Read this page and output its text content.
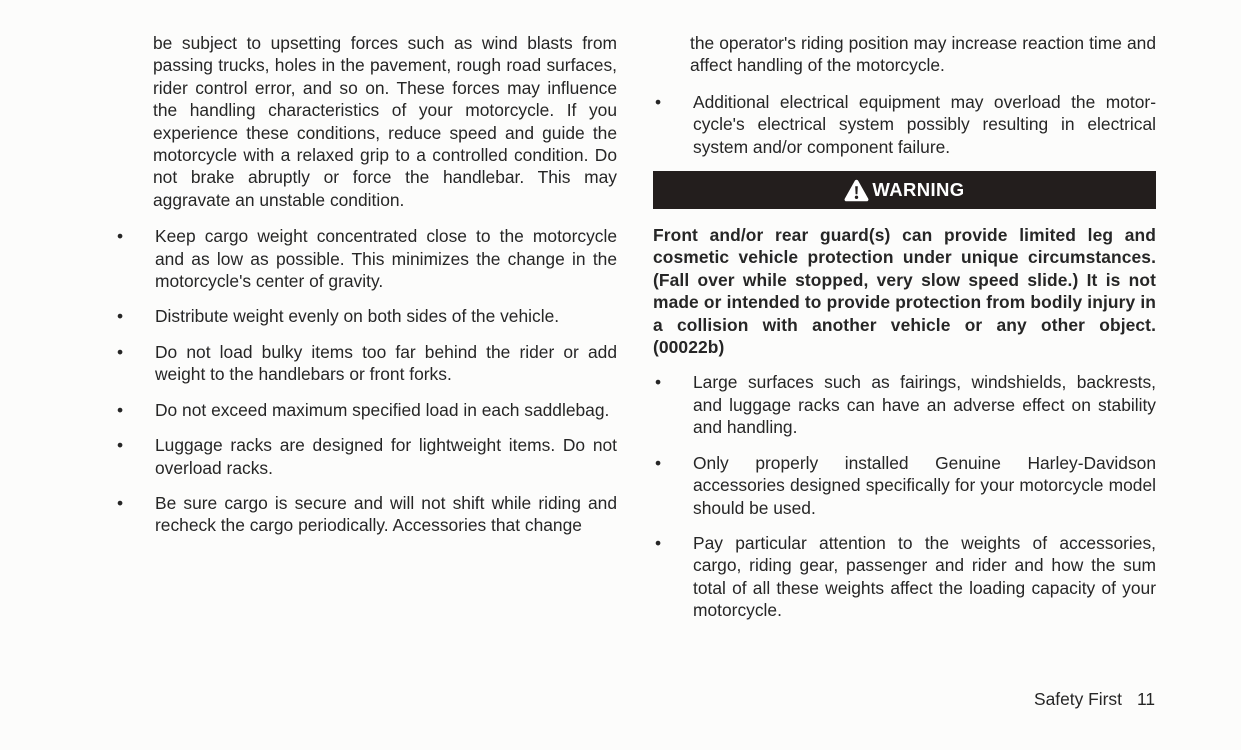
be subject to upsetting forces such as wind blasts from passing trucks, holes in the pavement, rough road surfaces, rider control error, and so on. These forces may influence the handling characteristics of your motorcycle. If you experience these conditions, reduce speed and guide the motorcycle with a relaxed grip to a controlled condition. Do not brake abruptly or force the handlebar. This may aggravate an unstable condition.

•	Keep cargo weight concentrated close to the motorcycle and as low as possible. This minimizes the change in the motorcycle's center of gravity.
•	Distribute weight evenly on both sides of the vehicle.
•	Do not load bulky items too far behind the rider or add weight to the handlebars or front forks.
•	Do not exceed maximum specified load in each saddlebag.
•	Luggage racks are designed for lightweight items. Do not overload racks.
•	Be sure cargo is secure and will not shift while riding and recheck the cargo periodically. Accessories that change

the operator's riding position may increase reaction time and affect handling of the motorcycle.

•	Additional electrical equipment may overload the motorcycle's electrical system possibly resulting in electrical system and/or component failure.
WARNING

Front and/or rear guard(s) can provide limited leg and cosmetic vehicle protection under unique circumstances. (Fall over while stopped, very slow speed slide.) It is not made or intended to provide protection from bodily injury in a collision with another vehicle or any other object. (00022b)

•	Large surfaces such as fairings, windshields, backrests, and luggage racks can have an adverse effect on stability and handling.
•	Only properly installed Genuine Harley-Davidson accessories designed specifically for your motorcycle model should be used.
•	Pay particular attention to the weights of accessories, cargo, riding gear, passenger and rider and how the sum total of all these weights affect the loading capacity of your motorcycle.
Safety First 11
